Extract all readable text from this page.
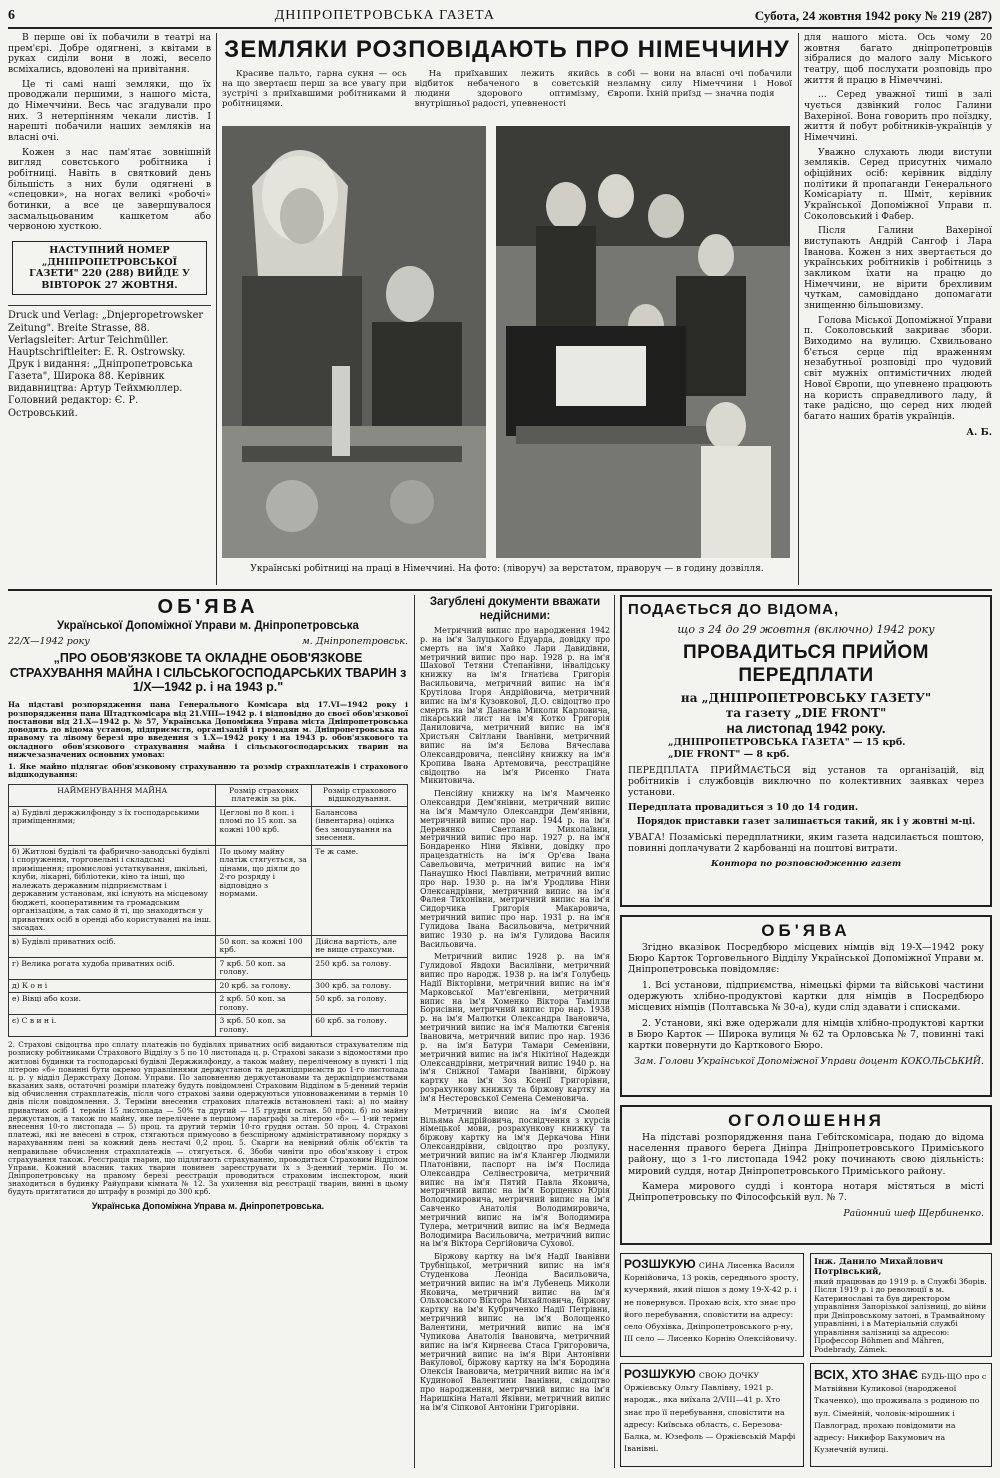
6	ДНІПРОПЕТРОВСЬКА ГАЗЕТА	Субота, 24 жовтня 1942 року № 219 (287)

В перше ові їх побачили в театрі на прем'єрі. Добре одягнені, з квітами в руках сиділи вони в ложі, весело всміхались, вдоволені на привітання.

Це ті самі наші земляки, що їх проводжали першими, з нашого міста, до Німеччини. Весь час згадували про них. З нетерпінням чекали листів. І нарешті побачили наших земляків на власні очі.

Кожен з нас пам'ятає зовнішній вигляд совєтського робітника і робітниці. Навіть в святковий день більшість з них були одягнені в «спецовки», на ногах великі «робочі» ботинки, а все це завершувалося засмальцьованим кашкетом або червоною хусткою.

НАСТУПНИЙ НОМЕР „ДНІПРОПЕТРОВСЬКОЇ ГАЗЕТИ" 220 (288) ВИЙДЕ У ВІВТОРОК 27 ЖОВТНЯ.

Druck und Verlag: „Dnjepropetrowsker Zeitung". Breite Strasse, 88. Verlagsleiter: Artur Teichmüller. Hauptschriftleiter: E. R. Ostrowsky. Друк і видання: „Дніпропетровська Газета", Широка 88. Керівник видавництва: Артур Тейхмюллер. Головний редактор: Є. Р. Островський.

ЗЕМЛЯКИ РОЗПОВІДАЮТЬ ПРО НІМЕЧЧИНУ

Красиве пальто, гарна сукня — ось на що звертаєш перш за все увагу при зустрічі з приїхавшими робітниками й робітницями.

На приїхавших лежить якийсь відбиток небаченого в совєтській людини здорового оптимізму, внутрішньої радості, упевненості

в собі — вони на власні очі побачили незламну силу Німеччини і Нової Європи. Їхній приїзд — значна подія

Українські робітниці на праці в Німеччині. На фото: (ліворуч) за верстатом, праворуч — в годину дозвілля.

для нашого міста. Ось чому 20 жовтня багато дніпропетровців зібралися до малого залу Міського театру, щоб послухати розповідь про життя й працю в Німеччині.

... Серед уважної тиші в залі чується дзвінкий голос Галини Вахеріної. Вона говорить про поїздку, життя й побут робітників-українців у Німеччині.

Уважно слухають люди виступи земляків. Серед присутніх чимало офіційних осіб: керівник відділу політики й пропаганди Генерального Комісаріату п. Шміт, керівник Української Допоміжної Управи п. Соколовський і Фабер.

Після Галини Вахеріної виступають Андрій Сангоф і Лара Іванова. Кожен з них звертається до українських робітників і робітниць з закликом їхати на працю до Німеччини, не вірити брехливим чуткам, самовіддано допомагати знищенню більшовизму.

Голова Міської Допоміжної Управи п. Соколовський закриває збори. Виходимо на вулицю. Схвильовано б'ється серце під враженням незабутньої розповіді про чудовий світ мужніх оптимістичних людей Нової Європи, що упевнено працюють на користь справедливого ладу, й таке радісно, що серед них людей багато наших братів українців.

А. Б.

ОБ'ЯВА
Української Допоміжної Управи м. Дніпропетровська
22/X—1942 року	м. Дніпропетровськ.
„ПРО ОБОВ'ЯЗКОВЕ ТА ОКЛАДНЕ ОБОВ'ЯЗКОВЕ СТРАХУВАННЯ МАЙНА І СІЛЬСЬКОГОСПОДАРСЬКИХ ТВАРИН з 1/X—1942 р. і на 1943 р."

На підставі розпорядження пана Генерального Комісара від 17.VI—1942 року і розпорядження пана Штадткомісара від 21.VIII—1942 р. і відповідно до своєї обов'язкової постанови від 21.X—1942 р. № 57, Українська Допоміжна Управа міста Дніпропетровська доводить до відома установ, підприємств, організацій і громадян м. Дніпропетровська на правому та лівому березі про введення з 1.X—1942 року і на 1943 р. обов'язкового та окладного обов'язкового страхування майна і сільськогосподарських тварин на нижчезазначених основних умовах:

1. Яке майно підлягає обов'язковому страхуванню та розмір страхплатежів і страхового відшкодування:

НАЙМЕНУВАННЯ МАЙНА	Розмір страхових платежів за рік.	Розмір страхового відшкодування.
а) Будівлі держжилфонду з їх господарськими приміщеннями;	Цеглові по 8 коп. і пломі по 15 коп. за кожні 100 крб.	Балансова (інвентарна) оцінка без зношування на знесення.
б) Житлові будівлі та фабрично-заводські будівлі і споруження, торговельні і складські приміщення; промислові устаткування, шкільні, клуби, лікарні, бібліотеки, кіно та інші, що належать державним підприємствам і державним установам, які існують на місцевому бюджеті, кооперативним та громадським організаціям, а так само й ті, що знаходяться у приватних осіб в оренді або користуванні на інш. засадах.	По цьому майну платіж стягується, за цінами, що діяли до 2-го розряду і відповідно з нормами.	Те ж саме.
в) Будівлі приватних осіб.	50 коп. за кожні 100 крб.	Дійсна вартість, але не вище страхсуми.
г) Велика рогата худоба приватних осіб.	7 крб. 50 коп. за голову.	250 крб. за голову.
д) К о н і	20 крб. за голову.	300 крб. за голову.
е) Вівці або кози.	2 крб. 50 коп. за голову.	50 крб. за голову.
є) С в и н і.	3 крб. 50 коп. за голову.	60 крб. за голову.

2. Страхові свідоцтва про сплату платежів по будівлях приватних осіб видаються страхувателям під розписку робітниками Страхового Відділу з 5 по 10 листопада ц. р. Страхові закази з відомостями про житлові будинки та господарські будівлі Держжилфонду, а також майну, переліченому в пункті 1 під літерою «б» повинні бути окремо управліннями держустанов та держпідприємств до 1-го листопада ц. р. у відділ Держстраху Допом. Управи. По заповненню держустановами та держпідприємствами вказаних заяв, остаточні розміри платежу будуть повідомлені Страховим Відділом в 5-денний термін від обчислення страхплатежів, після чого страхові заяви одержуються уповноваженими в термін 10 днів після повідомлення. 3. Терміни внесення страхових платежів встановлені такі: а) по майну приватних осіб 1 термін 15 листопада — 50% та другий — 15 грудня остан. 50 проц. б) по майну держустанов, а також по майну, яке перелічене в першому параграфі за літерою «б» — 1-ий термін внесення 10-го листопада — 5) проц. та другий термін 10-го грудня остан. 50 проц. 4. Страхові платежі, які не внесені в строк, стягаються примусово в безспірному адміністративному порядку з нарахуванням пені за кожний день нестачі 0,2 проц. 5. Скарги на невірний облік об'єктів та неправильне обчислення страхплатежів — стягується. 6. Збоби чиніти про обов'язкову і строк страхування також. Реєстрація тварин, що підлягають страхуванню, проводиться Страховим Відділом Управи. Кожний власник таких тварин повинен зареєструвати їх з 3-денний термін. По м. Дніпропетровську на правому березі реєстрація проводиться страховим інспектором, який знаходиться в будинку Райуправи кімната № 12. За ухилення від реєстрації тварин, винні в цьому будуть притягатися до штрафу в розмірі до 300 крб.

Українська Допоміжна Управа м. Дніпропетровська.

Загублені документи вважати недійсними:

Метричний випис про народження 1942 р. на ім'я Залуцького Едуарда, довідку про смерть на ім'я Хайко Лари Давидівни, метричний випис про нар. 1928 р. на ім'я Шахової Тетяни Степанівни, інвалідську книжку на ім'я Ігнатієва Григорія Васильовича, метричний випис на ім'я Крутілова Ігоря Андрійовича, метричний випис на ім'я Кузовкової, Д.О. свідоцтво про смерть на ім'я Данаєва Миколи Карловича, лікарський лист на ім'я Котко Григорія Даниловича, метричний випис на ім'я Христьян Світлани Іванівни, метричний випис на ім'я Бєлова Вячеслава Олександровича, пенсійну книжку на ім'я Кропива Івана Артемовича, реєстраційне свідоцтво на ім'я Рисенко Гната Микитовича.

Пенсійну книжку на ім'я Мамченко Олександри Дем'янівни, метричний випис на ім'я Мамчуло Олександри Дем'янівни, метричний випис про нар. 1944 р. на ім'я Деревянко Светлани Миколаївни, метричний випис про нар. 1927 р. на ім'я Бондаренко Ніни Яківни, довідку про працездатність на ім'я Ор'єва Івана Савельовича, метричний випис на ім'я Панаушко Нюсі Павлівни, метричний випис про нар. 1930 р. на ім'я Уродлива Ніни Олександрівни, метричний випис на ім'я Фалея Тихонівни, метричний випис на ім'я Сидорчика Григорія Макаровича, метричний випис про нар. 1931 р. на ім'я Гулидова Івана Васильовича, метричний випис 1930 р. на ім'я Гулидова Василя Васильовича.

Метричний випис 1928 р. на ім'я Гулидової Явдохи Василівни, метричний випис про народж. 1938 р. на ім'я Голубець Надії Вікторівни, метричний випис на ім'я Марковської Мат'євгенівни, метричний випис на ім'я Хоменко Віктора Тамілли Борисівни, метричний випис про нар. 1938 р. на ім'я Малютки Олександра Івановича, метричний випис на ім'я Малютки Євгенія Івановича, метричний випис про нар. 1936 р. на ім'я Батури Тамари Семенівни, метричний випис на ім'я Нікітіної Надежди Олександрівни, метричний випис 1940 р. на ім'я Сніжної Тамари Іванівни, біржову картку на ім'я Зоз Ксенії Григорівни, розрахункову книжку та біржову картку на ім'я Нестеровської Семена Семеновича.

Метричний випис на ім'я Смолей Вільяма Андрійовича, посвідчення з курсів німецької мови, розрахункову книжку та біржову картку на ім'я Деркачова Ніни Олександрівни, свідоцтво про розлуку, метричний випис на ім'я Клангер Людмили Платонівни, паспорт на ім'я Послида Олександра Селівестровича, метричний випис на ім'я Пятий Павла Яковича, метричний випис на ім'я Борщенко Юрія Володимировича, метричний випис на ім'я Савченко Анатолія Володимировича, метричний випис на ім'я Володимира Тулера, метричний випис на ім'я Ведмеда Володимира Васильовича, метричний випис на ім'я Віктора Сергійовича Сухової.

Біржову картку на ім'я Надії Іванівни Трубніцької, метричний випис на ім'я Студенкова Леоніда Васильовича, метричний випис на ім'я Лубенець Миколи Яковича, метричний випис на ім'я Ольховського Віктора Михайловича, біржову картку на ім'я Кубриченко Надії Петрівни, метричний випис на ім'я Волощенко Валентини, метричний випис на ім'я Чупикова Анатолія Івановича, метричний випис на ім'я Кирнєєва Стаса Григоровича, метричний випис на ім'я Віри Антонівни Вакулової, біржову картку на ім'я Бородина Олексія Івановича, метричний випис на ім'я Кудинової Валентини Іванівни, свідоцтво про народження, метричний випис на ім'я Наришкіна Наталі Яківни, метричний випис на ім'я Сіпкової Антоніни Григорівни.

ПОДАЄТЬСЯ ДО ВІДОМА,
що з 24 до 29 жовтня (включно) 1942 року
ПРОВАДИТЬСЯ ПРИЙОМ ПЕРЕДПЛАТИ
на „ДНІПРОПЕТРОВСЬКУ ГАЗЕТУ"
та газету „DIE FRONT"
на листопад 1942 року.
„ДНІПРОПЕТРОВСЬКА ГАЗЕТА" — 15 крб.
„DIE FRONT" — 8 крб.

ПЕРЕДПЛАТА ПРИЙМАЄТЬСЯ від установ та організацій, від робітників і службовців виключно по колективних заявках через установи.

Передплата провадиться з 10 до 14 годин.

Порядок приставки газет залишається такий, як і у жовтні м-ці.

УВАГА! Позаміські передплатники, яким газета надсилається поштою, повинні доплачувати 2 карбованці на поштові витрати.

Контора по розповсюдженню газет

ОБ'ЯВА

Згідно вказівок Посредбюро місцевих німців від 19-X—1942 року Бюро Карток Торговельного Відділу Української Допоміжної Управи м. Дніпропетровська повідомляє:

1. Всі установи, підприємства, німецькі фірми та військові частини одержують хлібно-продуктові картки для німців в Посредбюро місцевих німців (Полтавська № 30-а), куди слід здавати і списками.

2. Установи, які вже одержали для німців хлібно-продуктові картки в Бюро Карток — Широка вулиця № 62 та Орловська № 7, повинні такі картки повернути до Карткового Бюро.

Зам. Голови Української Допоміжної Управи доцент КОКОЛЬСЬКИЙ.

ОГОЛОШЕННЯ

На підставі розпорядження пана Гебітскомісара, подаю до відома населення правого берега Дніпра Дніпропетровського Приміського району, що з 1-го листопада 1942 року починають свою діяльність: мировий суддя, нотар Дніпропетровського Приміського району.

Камера мирового судді і контора нотаря містяться в місті Дніпропетровську по Філософській вул. № 7.

Районний шеф Щербиненко.

РОЗШУКУЮ СИНА Лисенка Василя Корнійовича, 13 років, середнього зросту, кучерявий, який пішов з дому 19-X-42 р. і не повернувся. Прохаю всіх, хто знає про його перебування, сповістити на адресу: село Обухівка, Дніпропетровського р-ну, III село — Лисенко Корнію Олексійовичу.
РОЗШУКУЮ СВОЮ ДОЧКУ Оржієвську Ольгу Павлівну, 1921 р. народж., яка виїхала 2/VIII—41 р. Хто знає про її перебування, сповістити на адресу: Київська область, с. Березова-Балка, м. Юзефоль — Оржієвській Марфі Іванівні.
Інж. Данило Михайлович Потрівський,
який працював до 1919 р. в Службі Зборів. Після 1919 р. і до революції в м. Катеринославі та був директором управління Запорізької залізниці, до війни при Дніпровському затоні, в Трамвайному управлінні, і в Матеріальній службі управління залізниці за адресою: Профессор Böhmen and Mähren, Podebrady, Zámek.
ВСІХ, ХТО ЗНАЄ БУДЬ-ЩО про с Матвійвни Куликової (народженої Ткаченко), що проживала з родиною по вул. Сімейній, чоловік-мірошник і Павлоград, прохаю повідомити на адресу: Никифор Бакумович на Кузнечній вулиці.
